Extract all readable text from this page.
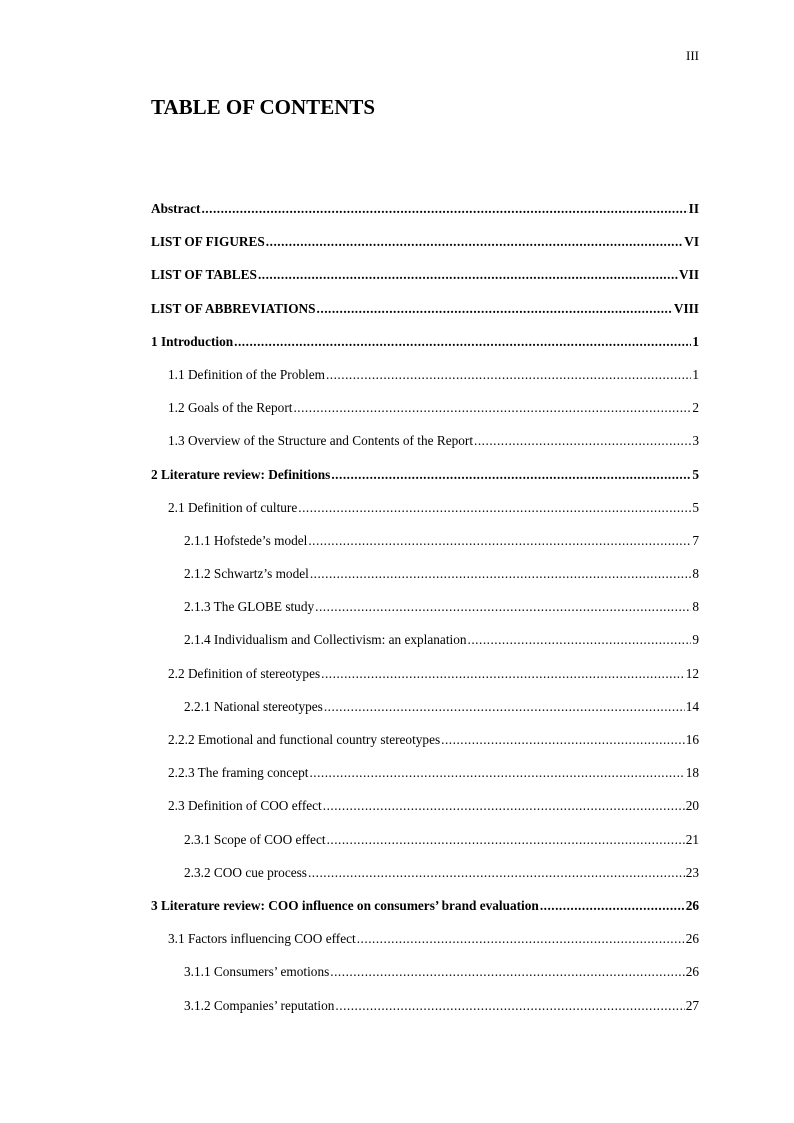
III
TABLE OF CONTENTS
Abstract .....	II
LIST OF FIGURES .....	VI
LIST OF TABLES .....	VII
LIST OF ABBREVIATIONS .....	VIII
1 Introduction .....	1
1.1 Definition of the Problem .....	1
1.2 Goals of the Report .....	2
1.3 Overview of the Structure and Contents of the Report .....	3
2 Literature review: Definitions .....	5
2.1 Definition of culture .....	5
2.1.1 Hofstede’s model .....	7
2.1.2 Schwartz’s model .....	8
2.1.3 The GLOBE study .....	8
2.1.4 Individualism and Collectivism: an explanation .....	9
2.2 Definition of stereotypes .....	12
2.2.1 National stereotypes .....	14
2.2.2 Emotional and functional country stereotypes .....	16
2.2.3 The framing concept .....	18
2.3 Definition of COO effect .....	20
2.3.1 Scope of COO effect .....	21
2.3.2 COO cue process .....	23
3 Literature review: COO influence on consumers’ brand evaluation .....	26
3.1 Factors influencing COO effect .....	26
3.1.1 Consumers’ emotions .....	26
3.1.2 Companies’ reputation .....	27
